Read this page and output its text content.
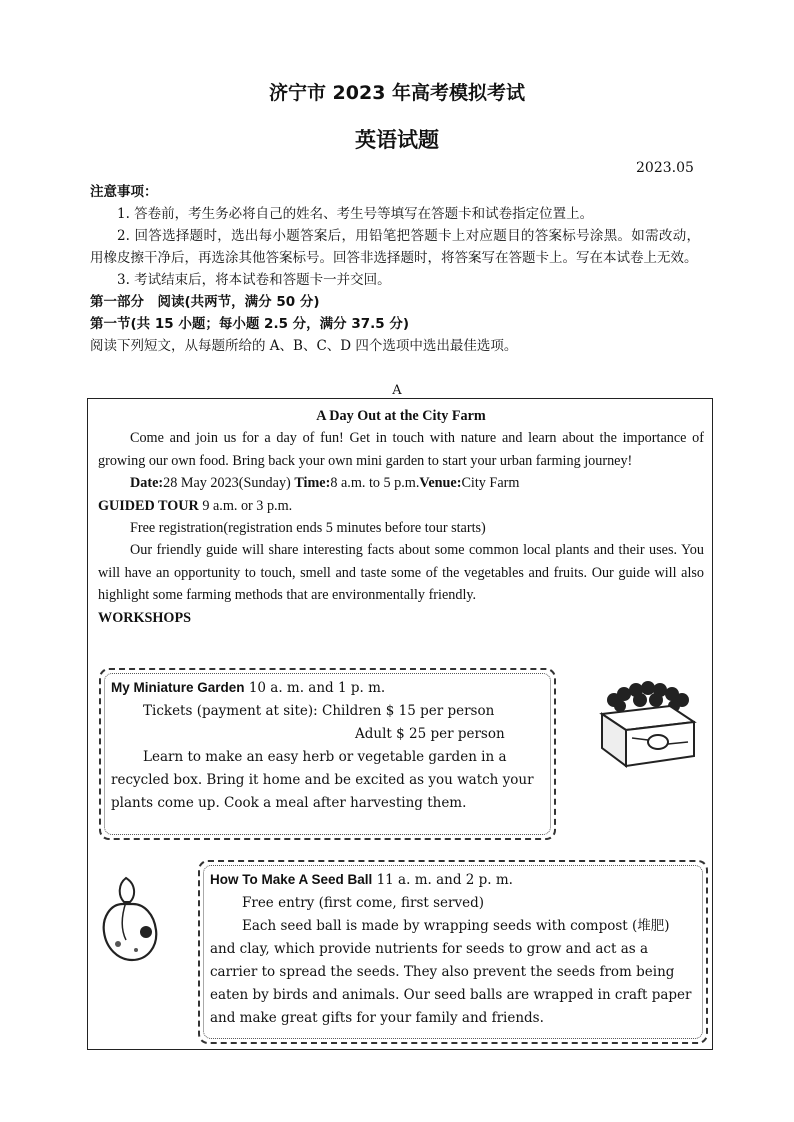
济宁市 2023 年高考模拟考试
英语试题
2023.05

注意事项：

1. 答卷前，考生务必将自己的姓名、考生号等填写在答题卡和试卷指定位置上。

2. 回答选择题时，选出每小题答案后，用铅笔把答题卡上对应题目的答案标号涂黑。如需改动，用橡皮擦干净后，再选涂其他答案标号。回答非选择题时，将答案写在答题卡上。写在本试卷上无效。

3. 考试结束后，将本试卷和答题卡一并交回。

第一部分　阅读(共两节，满分 50 分)

第一节(共 15 小题；每小题 2.5 分，满分 37.5 分)

阅读下列短文，从每题所给的 A、B、C、D 四个选项中选出最佳选项。

A

A Day Out at the City Farm

Come and join us for a day of fun! Get in touch with nature and learn about the importance of growing our own food. Bring back your own mini garden to start your urban farming journey!

Date:28 May 2023(Sunday) Time:8 a.m. to 5 p.m.Venue:City Farm

GUIDED TOUR 9 a.m. or 3 p.m.

Free registration(registration ends 5 minutes before tour starts)

Our friendly guide will share interesting facts about some common local plants and their uses. You will have an opportunity to touch, smell and taste some of the vegetables and fruits. Our guide will also highlight some farming methods that are environmentally friendly.

WORKSHOPS

My Miniature Garden 10 a. m. and 1 p. m.

Tickets (payment at site): Children $ 15 per person

Adult $ 25 per person

Learn to make an easy herb or vegetable garden in a recycled box. Bring it home and be excited as you watch your plants come up. Cook a meal after harvesting them.

How To Make A Seed Ball 11 a. m. and 2 p. m.

Free entry (first come, first served)

Each seed ball is made by wrapping seeds with compost (堆肥) and clay, which provide nutrients for seeds to grow and act as a carrier to spread the seeds. They also prevent the seeds from being eaten by birds and animals. Our seed balls are wrapped in craft paper and make great gifts for your family and friends.
